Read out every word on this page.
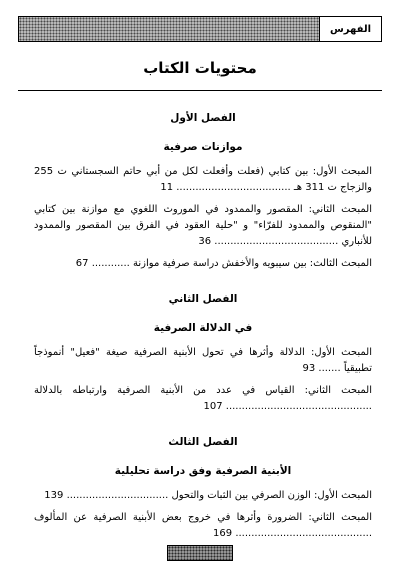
الفهرس
محتويات الكتاب
الفصل الأول
موازنات صرفية
المبحث الأول: بين كتابي (فعلت وأفعلت لكل من أبي حاتم السجستاني ت 255 والزجاج ت 311 هـ .................................... 11
المبحث الثاني: المقصور والممدود في الموروث اللغوي مع موازنة بين كتابي "المنقوص والممدود للفرّاء" و "حلية العقود في الفرق بين المقصور والممدود للأنباري ....................................... 36
المبحث الثالث: بين سيبويه والأخفش دراسة صرفية موازنة ............ 67
الفصل الثاني
في الدلالة الصرفية
المبحث الأول: الدلالة وأثرها في تحول الأبنية الصرفية صيغة "فعيل" أنموذجاً تطبيقياً ....... 93
المبحث الثاني: القياس في عدد من الأبنية الصرفية وارتباطه بالدلالة .............................................. 107
الفصل الثالث
الأبنية الصرفية وفق دراسة تحليلية
المبحث الأول: الوزن الصرفي بين الثبات والتحول ................................ 139
المبحث الثاني: الضرورة وأثرها في خروج بعض الأبنية الصرفية عن المألوف ........................................... 169
